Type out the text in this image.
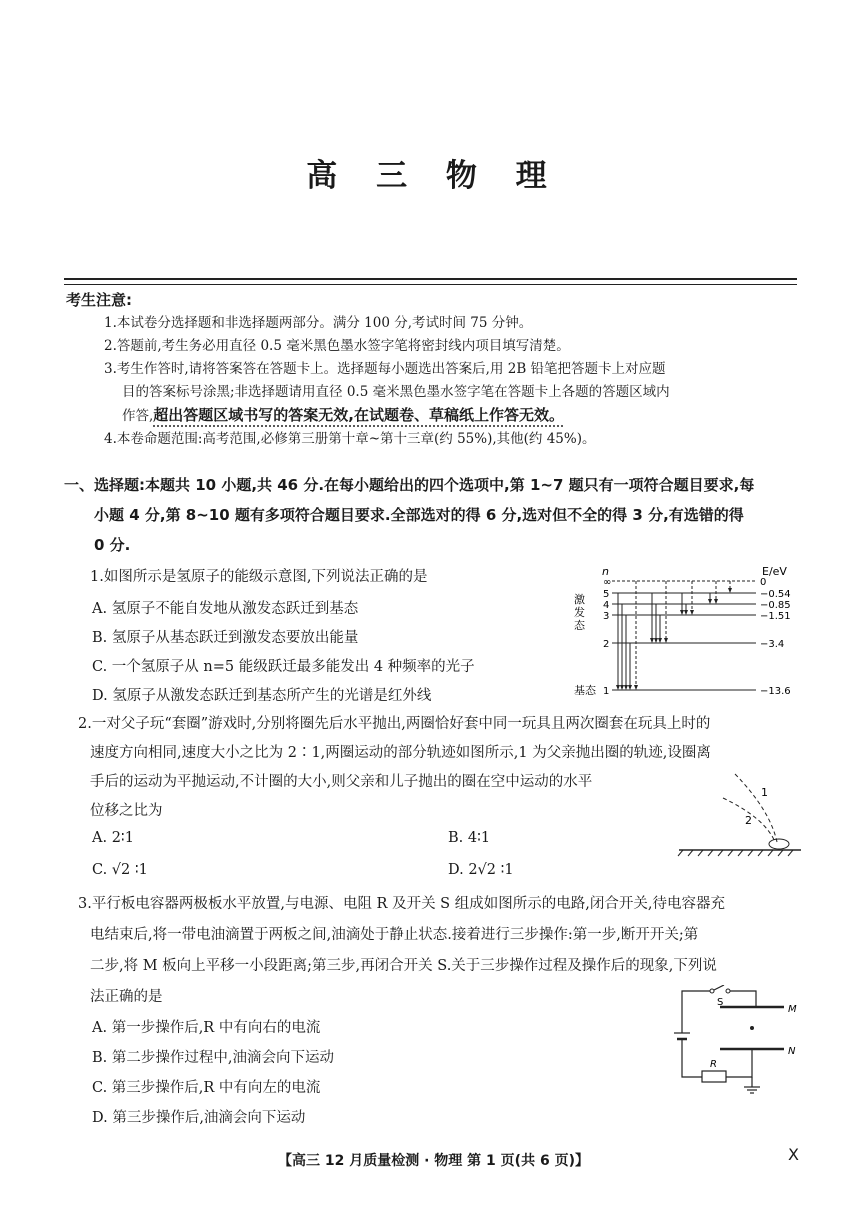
高 三 物 理
考生注意:
1.本试卷分选择题和非选择题两部分。满分 100 分,考试时间 75 分钟。
2.答题前,考生务必用直径 0.5 毫米黑色墨水签字笔将密封线内项目填写清楚。
3.考生作答时,请将答案答在答题卡上。选择题每小题选出答案后,用 2B 铅笔把答题卡上对应题
目的答案标号涂黑;非选择题请用直径 0.5 毫米黑色墨水签字笔在答题卡上各题的答题区域内
作答,超出答题区域书写的答案无效,在试题卷、草稿纸上作答无效。
4.本卷命题范围:高考范围,必修第三册第十章~第十三章(约 55%),其他(约 45%)。
一、选择题:本题共 10 小题,共 46 分.在每小题给出的四个选项中,第 1~7 题只有一项符合题目要求,每
小题 4 分,第 8~10 题有多项符合题目要求.全部选对的得 6 分,选对但不全的得 3 分,有选错的得
0 分.
1.如图所示是氢原子的能级示意图,下列说法正确的是
A. 氢原子不能自发地从激发态跃迁到基态
B. 氢原子从基态跃迁到激发态要放出能量
C. 一个氢原子从 n=5 能级跃迁最多能发出 4 种频率的光子
D. 氢原子从激发态跃迁到基态所产生的光谱是红外线
n	E/eV
∞
5
4
3
2
1
0
−0.54
−0.85
−1.51
−3.4
−13.6
激发态
基态
2.一对父子玩“套圈”游戏时,分别将圈先后水平抛出,两圈恰好套中同一玩具且两次圈套在玩具上时的
速度方向相同,速度大小之比为 2∶1,两圈运动的部分轨迹如图所示,1 为父亲抛出圈的轨迹,设圈离
手后的运动为平抛运动,不计圈的大小,则父亲和儿子抛出的圈在空中运动的水平
位移之比为
A. 2∶1	B. 4∶1
C. √2 ∶1	D. 2√2 ∶1
1
2
3.平行板电容器两极板水平放置,与电源、电阻 R 及开关 S 组成如图所示的电路,闭合开关,待电容器充
电结束后,将一带电油滴置于两板之间,油滴处于静止状态.接着进行三步操作:第一步,断开开关;第
二步,将 M 板向上平移一小段距离;第三步,再闭合开关 S.关于三步操作过程及操作后的现象,下列说
法正确的是
A. 第一步操作后,R 中有向右的电流
B. 第二步操作过程中,油滴会向下运动
C. 第三步操作后,R 中有向左的电流
D. 第三步操作后,油滴会向下运动
S
M
N
R
【高三 12 月质量检测 · 物理 第 1 页(共 6 页)】	X
